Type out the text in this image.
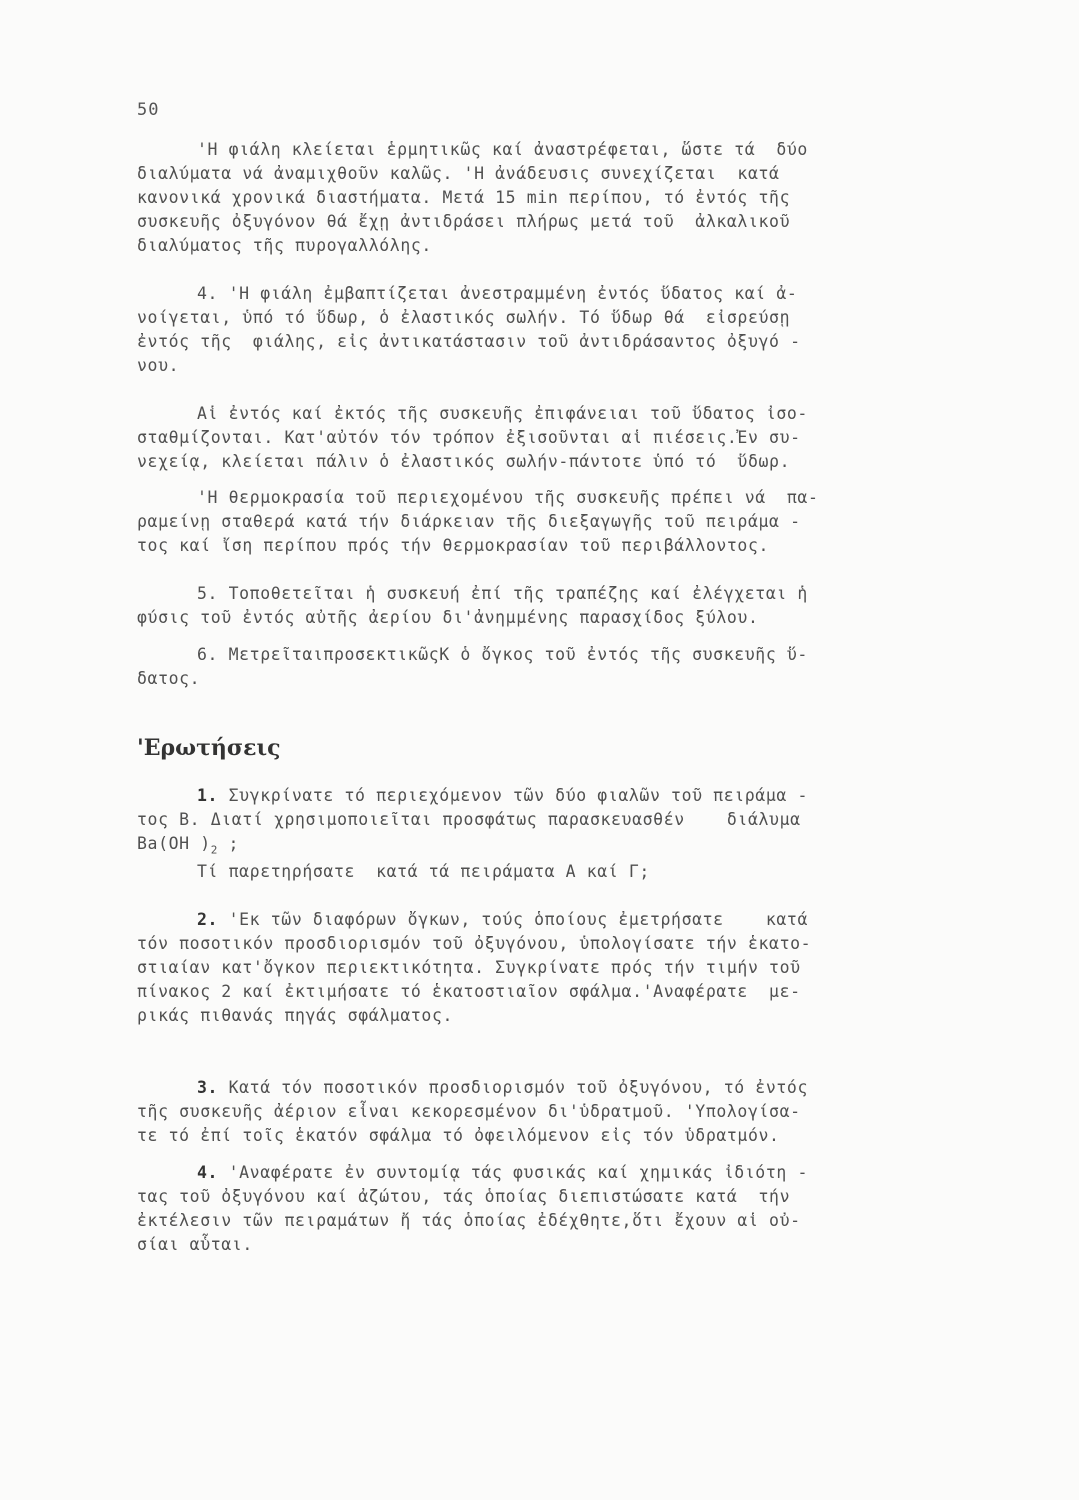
50
'Η φιάλη κλείεται ἑρμητικῶς καί ἀναστρέφεται, ὥστε τά  δύο
διαλύματα νά ἀναμιχθοῦν καλῶς. 'Η ἀνάδευσις συνεχίζεται  κατά
κανονικά χρονικά διαστήματα. Μετά 15 min περίπου, τό ἐντός τῆς
συσκευῆς ὀξυγόνον θά ἔχῃ ἀντιδράσει πλήρως μετά τοῦ  ἀλκαλικοῦ
διαλύματος τῆς πυρογαλλόλης.
4. 'Η φιάλη ἐμβαπτίζεται ἀνεστραμμένη ἐντός ὕδατος καί ἀ-
νοίγεται, ὑπό τό ὕδωρ, ὁ ἐλαστικός σωλήν. Τό ὕδωρ θά  εἰσρεύσῃ
ἐντός τῆς  φιάλης, εἰς ἀντικατάστασιν τοῦ ἀντιδράσαντος ὀξυγό -
νου.
Αἱ ἐντός καί ἐκτός τῆς συσκευῆς ἐπιφάνειαι τοῦ ὕδατος ἰσο-
σταθμίζονται. Κατ'αὐτόν τόν τρόπον ἐξισοῦνται αἱ πιέσεις.Ἐν συ-
νεχείᾳ, κλείεται πάλιν ὁ ἐλαστικός σωλήν-πάντοτε ὑπό τό  ὕδωρ.
'Η θερμοκρασία τοῦ περιεχομένου τῆς συσκευῆς πρέπει νά  πα-
ραμείνῃ σταθερά κατά τήν διάρκειαν τῆς διεξαγωγῆς τοῦ πειράμα -
τος καί ἴση περίπου πρός τήν θερμοκρασίαν τοῦ περιβάλλοντος.
5. Τοποθετεῖται ἡ συσκευή ἐπί τῆς τραπέζης καί ἐλέγχεται ἡ
φύσις τοῦ ἐντός αὐτῆς ἀερίου δι'ἀνημμένης παρασχίδος ξύλου.
6. ΜετρεῖταιπροσεκτικῶςΚ ὁ ὄγκος τοῦ ἐντός τῆς συσκευῆς ὕ-
δατος.
'Ερωτήσεις
1. Συγκρίνατε τό περιεχόμενον τῶν δύο φιαλῶν τοῦ πειράμα -
τος Β. Διατί χρησιμοποιεῖται προσφάτως παρασκευασθέν    διάλυμα
Ba(OH )$_2$ ;
Τί παρετηρήσατε  κατά τά πειράματα Α καί Γ;
2. 'Εκ τῶν διαφόρων ὄγκων, τούς ὁποίους ἐμετρήσατε    κατά
τόν ποσοτικόν προσδιορισμόν τοῦ ὀξυγόνου, ὑπολογίσατε τήν ἑκατο-
στιαίαν κατ'ὄγκον περιεκτικότητα. Συγκρίνατε πρός τήν τιμήν τοῦ
πίνακος 2 καί ἐκτιμήσατε τό ἑκατοστιαῖον σφάλμα.'Αναφέρατε  με-
ρικάς πιθανάς πηγάς σφάλματος.
3. Κατά τόν ποσοτικόν προσδιορισμόν τοῦ ὀξυγόνου, τό ἐντός
τῆς συσκευῆς ἀέριον εἶναι κεκορεσμένον δι'ὑδρατμοῦ. 'Υπολογίσα-
τε τό ἐπί τοῖς ἑκατόν σφάλμα τό ὀφειλόμενον εἰς τόν ὑδρατμόν.
4. 'Αναφέρατε ἐν συντομίᾳ τάς φυσικάς καί χημικάς ἰδιότη -
τας τοῦ ὀξυγόνου καί ἀζώτου, τάς ὁποίας διεπιστώσατε κατά  τήν
ἐκτέλεσιν τῶν πειραμάτων ἤ τάς ὁποίας ἐδέχθητε,ὅτι ἔχουν αἱ οὐ-
σίαι αὗται.
